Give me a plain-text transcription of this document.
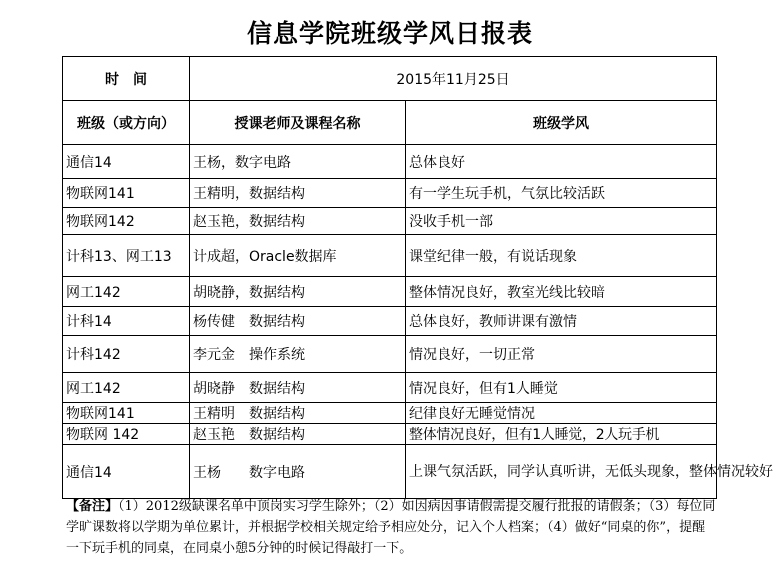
信息学院班级学风日报表
时　间	2015年11月25日	
班级（或方向）	授课老师及课程名称	班级学风
通信14	王杨，数字电路	总体良好
物联网141	王精明，数据结构	有一学生玩手机，气氛比较活跃
物联网142	赵玉艳，数据结构	没收手机一部
计科13、网工13	计成超，Oracle数据库	课堂纪律一般，有说话现象
网工142	胡晓静，数据结构	整体情况良好，教室光线比较暗
计科14	杨传健　数据结构	总体良好，教师讲课有激情
计科142	李元金　操作系统	情况良好，一切正常
网工142	胡晓静　数据结构	情况良好，但有1人睡觉
物联网141	王精明　数据结构	纪律良好无睡觉情况
物联网 142	赵玉艳　数据结构	整体情况良好，但有1人睡觉，2人玩手机
通信14	王杨　　数字电路	上课气氛活跃，同学认真听讲，无低头现象，整体情况较好
【备注】（1）2012级缺课名单中顶岗实习学生除外；（2）如因病因事请假需提交履行批报的请假条；（3）每位同学旷课数将以学期为单位累计，并根据学校相关规定给予相应处分，记入个人档案；（4）做好“同桌的你”，提醒一下玩手机的同桌，在同桌小憩5分钟的时候记得敲打一下。
